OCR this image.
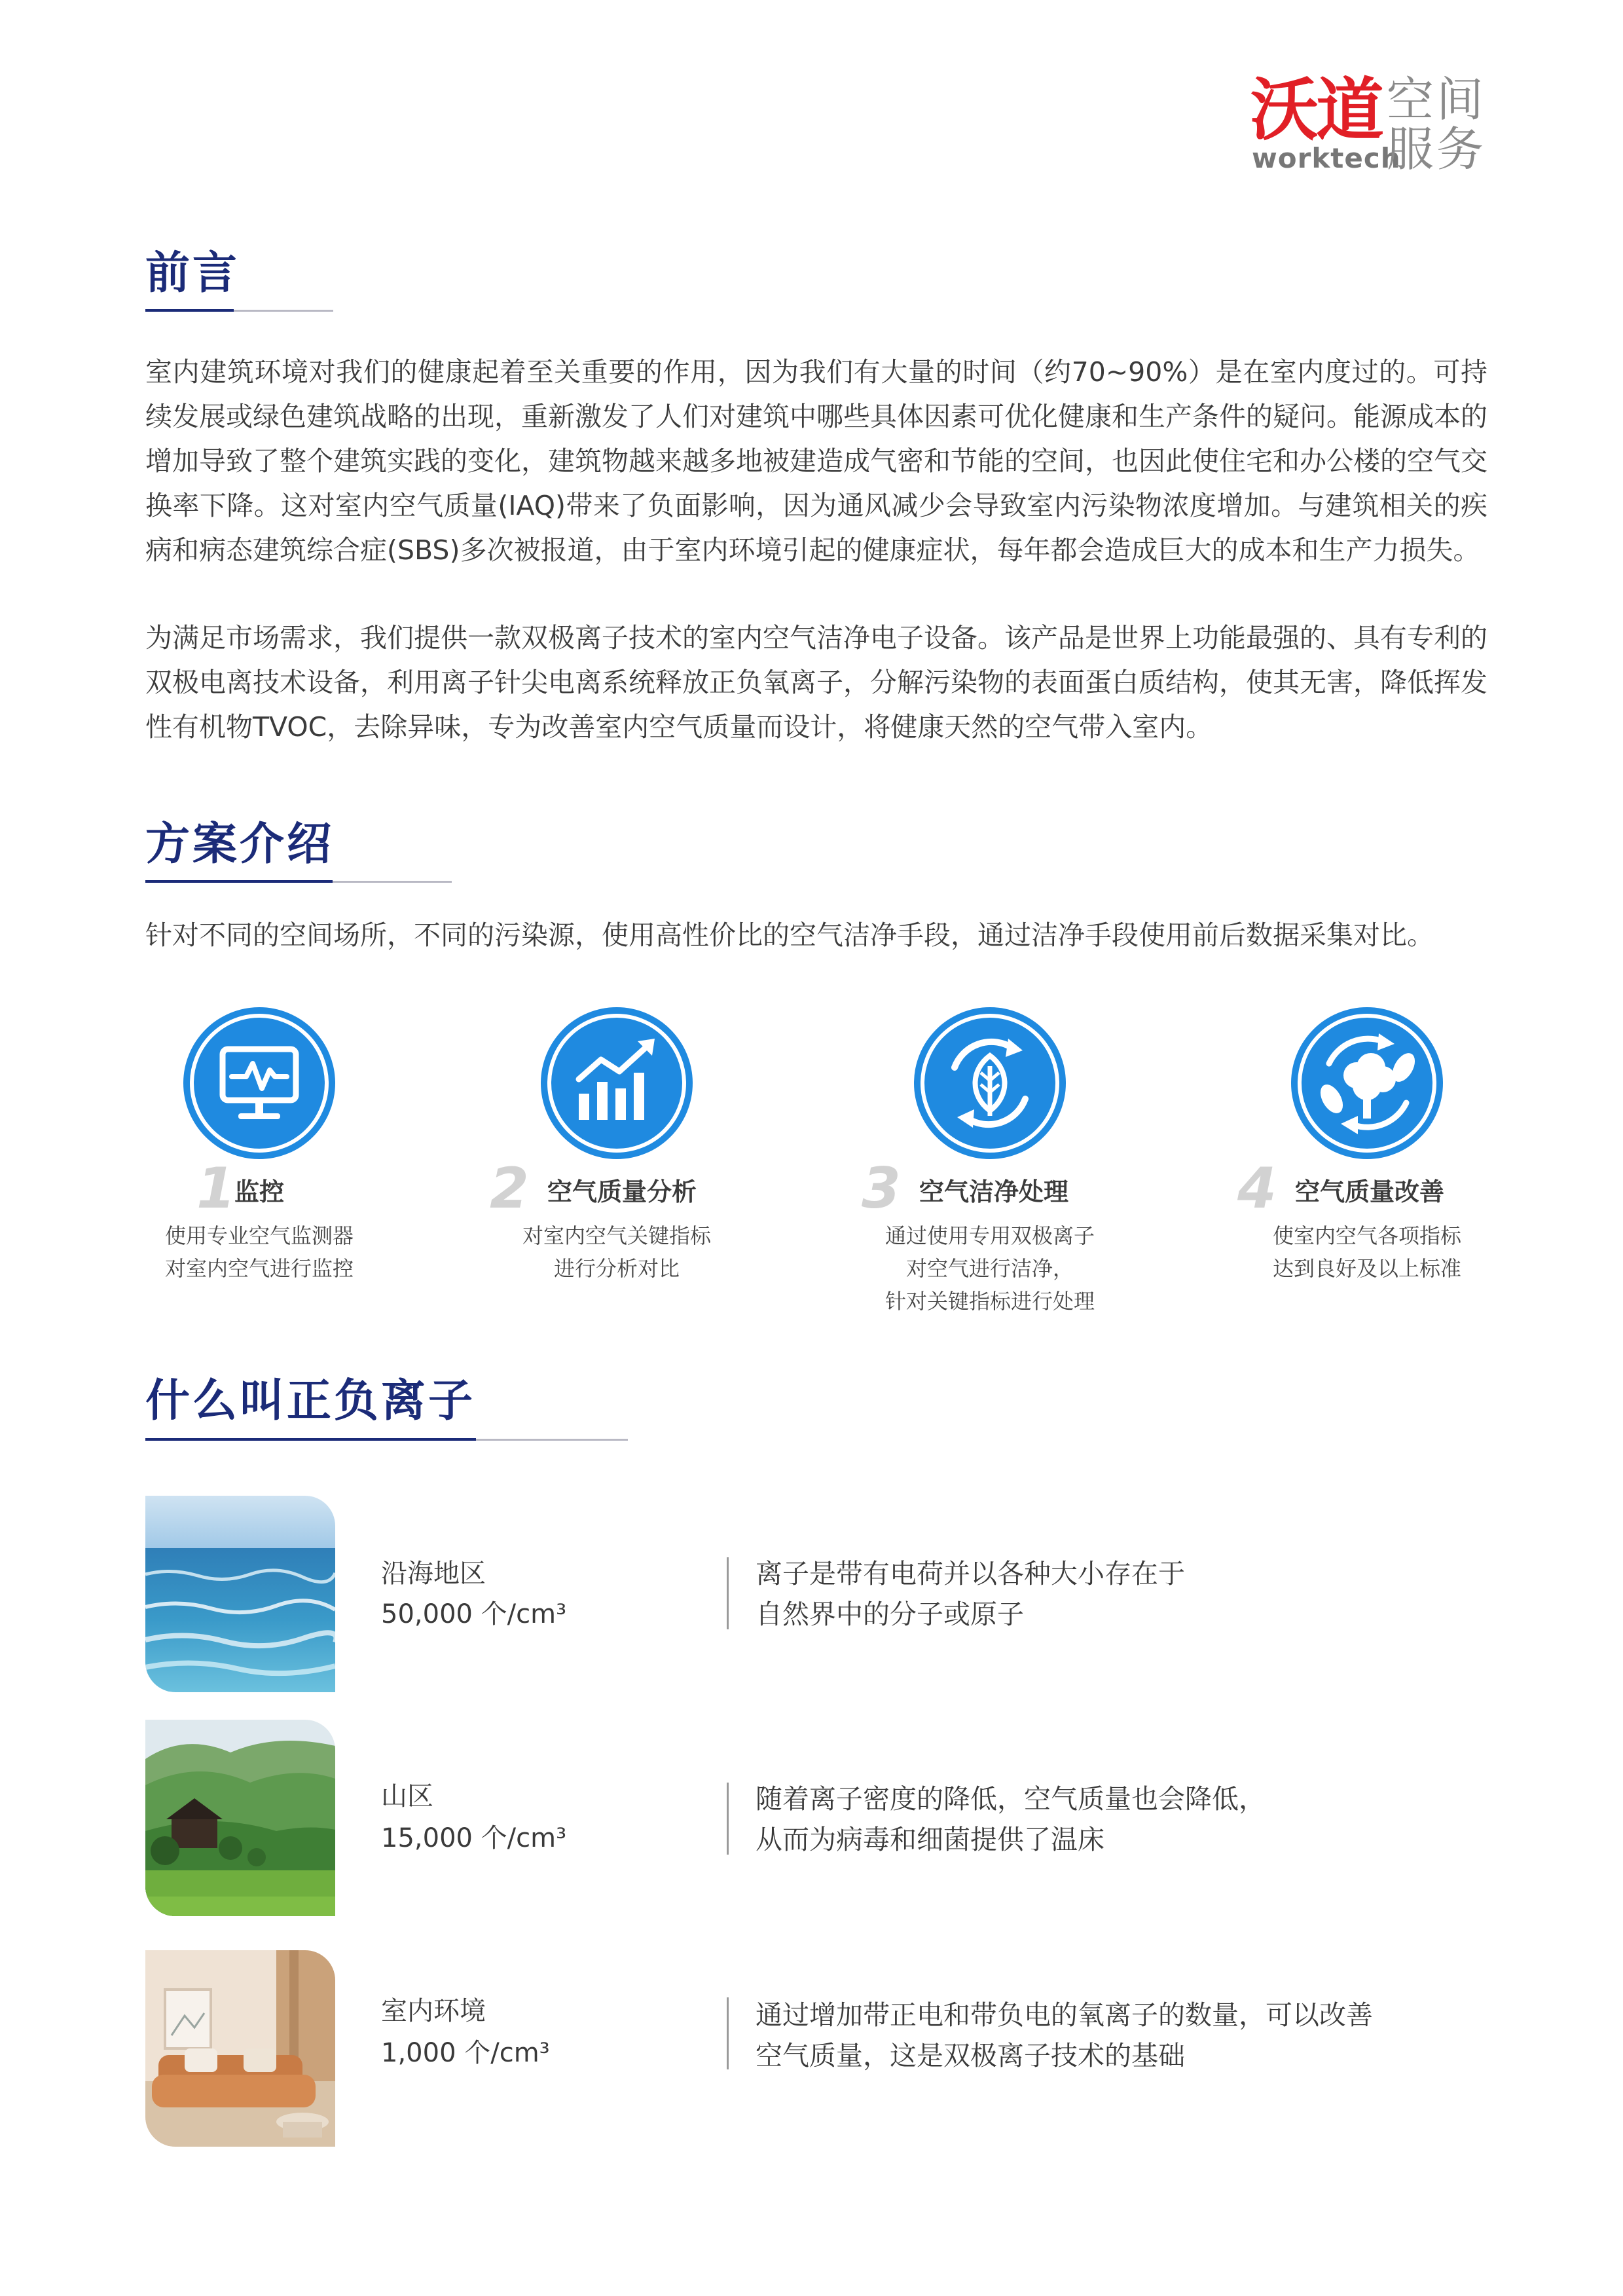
沃道
worktech
空间
服务
前言
室内建筑环境对我们的健康起着至关重要的作用，因为我们有大量的时间（约70~90%）是在室内度过的。可持续发展或绿色建筑战略的出现，重新激发了人们对建筑中哪些具体因素可优化健康和生产条件的疑问。能源成本的增加导致了整个建筑实践的变化，建筑物越来越多地被建造成气密和节能的空间，也因此使住宅和办公楼的空气交换率下降。这对室内空气质量(IAQ)带来了负面影响，因为通风减少会导致室内污染物浓度增加。与建筑相关的疾病和病态建筑综合症(SBS)多次被报道，由于室内环境引起的健康症状，每年都会造成巨大的成本和生产力损失。
为满足市场需求，我们提供一款双极离子技术的室内空气洁净电子设备。该产品是世界上功能最强的、具有专利的双极电离技术设备，利用离子针尖电离系统释放正负氧离子，分解污染物的表面蛋白质结构，使其无害，降低挥发性有机物TVOC，去除异味，专为改善室内空气质量而设计，将健康天然的空气带入室内。
方案介绍
针对不同的空间场所，不同的污染源，使用高性价比的空气洁净手段，通过洁净手段使用前后数据采集对比。
1
监控
使用专业空气监测器
对室内空气进行监控
2 空气质量分析
对室内空气关键指标
进行分析对比
3 空气洁净处理
通过使用专用双极离子
对空气进行洁净，
针对关键指标进行处理
4 空气质量改善
使室内空气各项指标
达到良好及以上标准
什么叫正负离子
沿海地区
50,000 个/cm³
离子是带有电荷并以各种大小存在于
自然界中的分子或原子
山区
15,000 个/cm³
随着离子密度的降低，空气质量也会降低，
从而为病毒和细菌提供了温床
室内环境
1,000 个/cm³
通过增加带正电和带负电的氧离子的数量，可以改善
空气质量，这是双极离子技术的基础
